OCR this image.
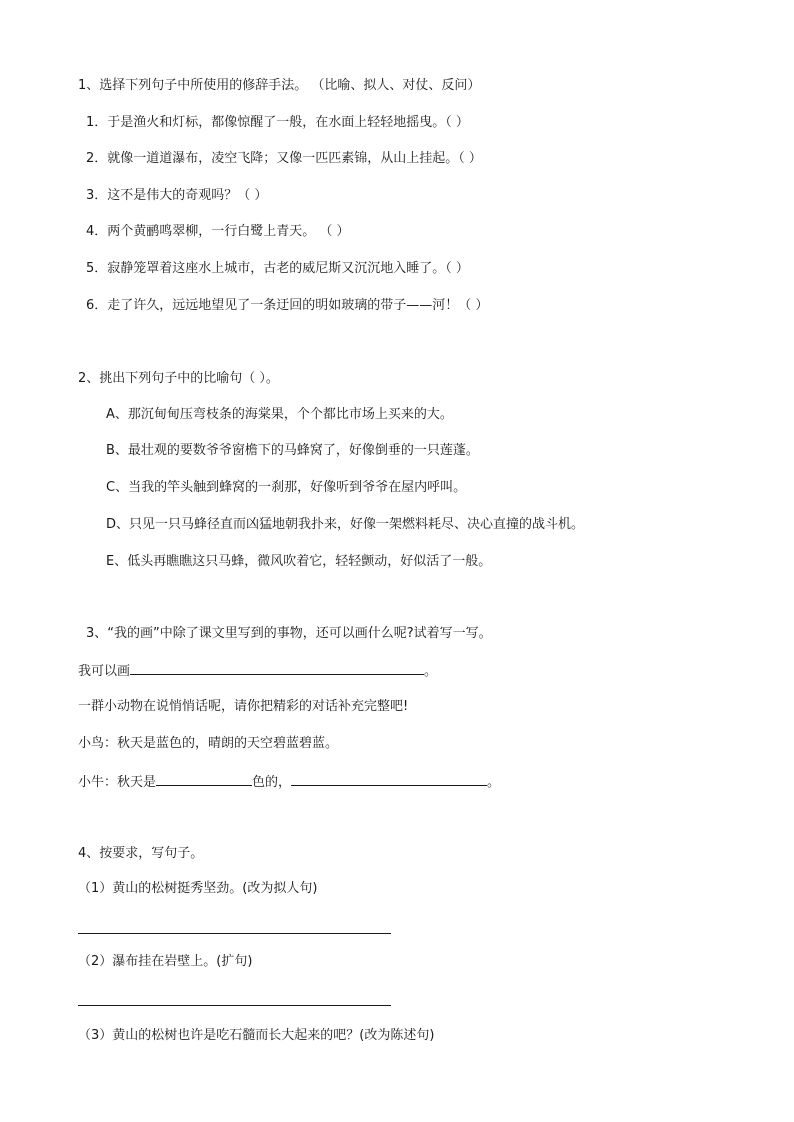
1、选择下列句子中所使用的修辞手法。 （比喻、拟人、对仗、反问）
1．于是渔火和灯标，都像惊醒了一般，在水面上轻轻地摇曳。（ ）
2．就像一道道瀑布，凌空飞降；又像一匹匹素锦，从山上挂起。（ ）
3．这不是伟大的奇观吗？（ ）
4．两个黄鹂鸣翠柳，一行白鹭上青天。 （ ）
5．寂静笼罩着这座水上城市，古老的威尼斯又沉沉地入睡了。（ ）
6．走了许久，远远地望见了一条迂回的明如玻璃的带子——河！（ ）
2、挑出下列句子中的比喻句（ ）。
A、那沉甸甸压弯枝条的海棠果，个个都比市场上买来的大。
B、最壮观的要数爷爷窗檐下的马蜂窝了，好像倒垂的一只莲蓬。
C、当我的竿头触到蜂窝的一刹那，好像听到爷爷在屋内呼叫。
D、只见一只马蜂径直而凶猛地朝我扑来，好像一架燃料耗尽、决心直撞的战斗机。
E、低头再瞧瞧这只马蜂，微风吹着它，轻轻颤动，好似活了一般。
3、“我的画”中除了课文里写到的事物，还可以画什么呢?试着写一写。
我可以画	。
一群小动物在说悄悄话呢，请你把精彩的对话补充完整吧!
小鸟：秋天是蓝色的，晴朗的天空碧蓝碧蓝。
小牛：秋天是	色的，	。
4、按要求，写句子。
（1）黄山的松树挺秀坚劲。(改为拟人句)
（2）瀑布挂在岩壁上。(扩句)
（3）黄山的松树也许是吃石髓而长大起来的吧？(改为陈述句)
